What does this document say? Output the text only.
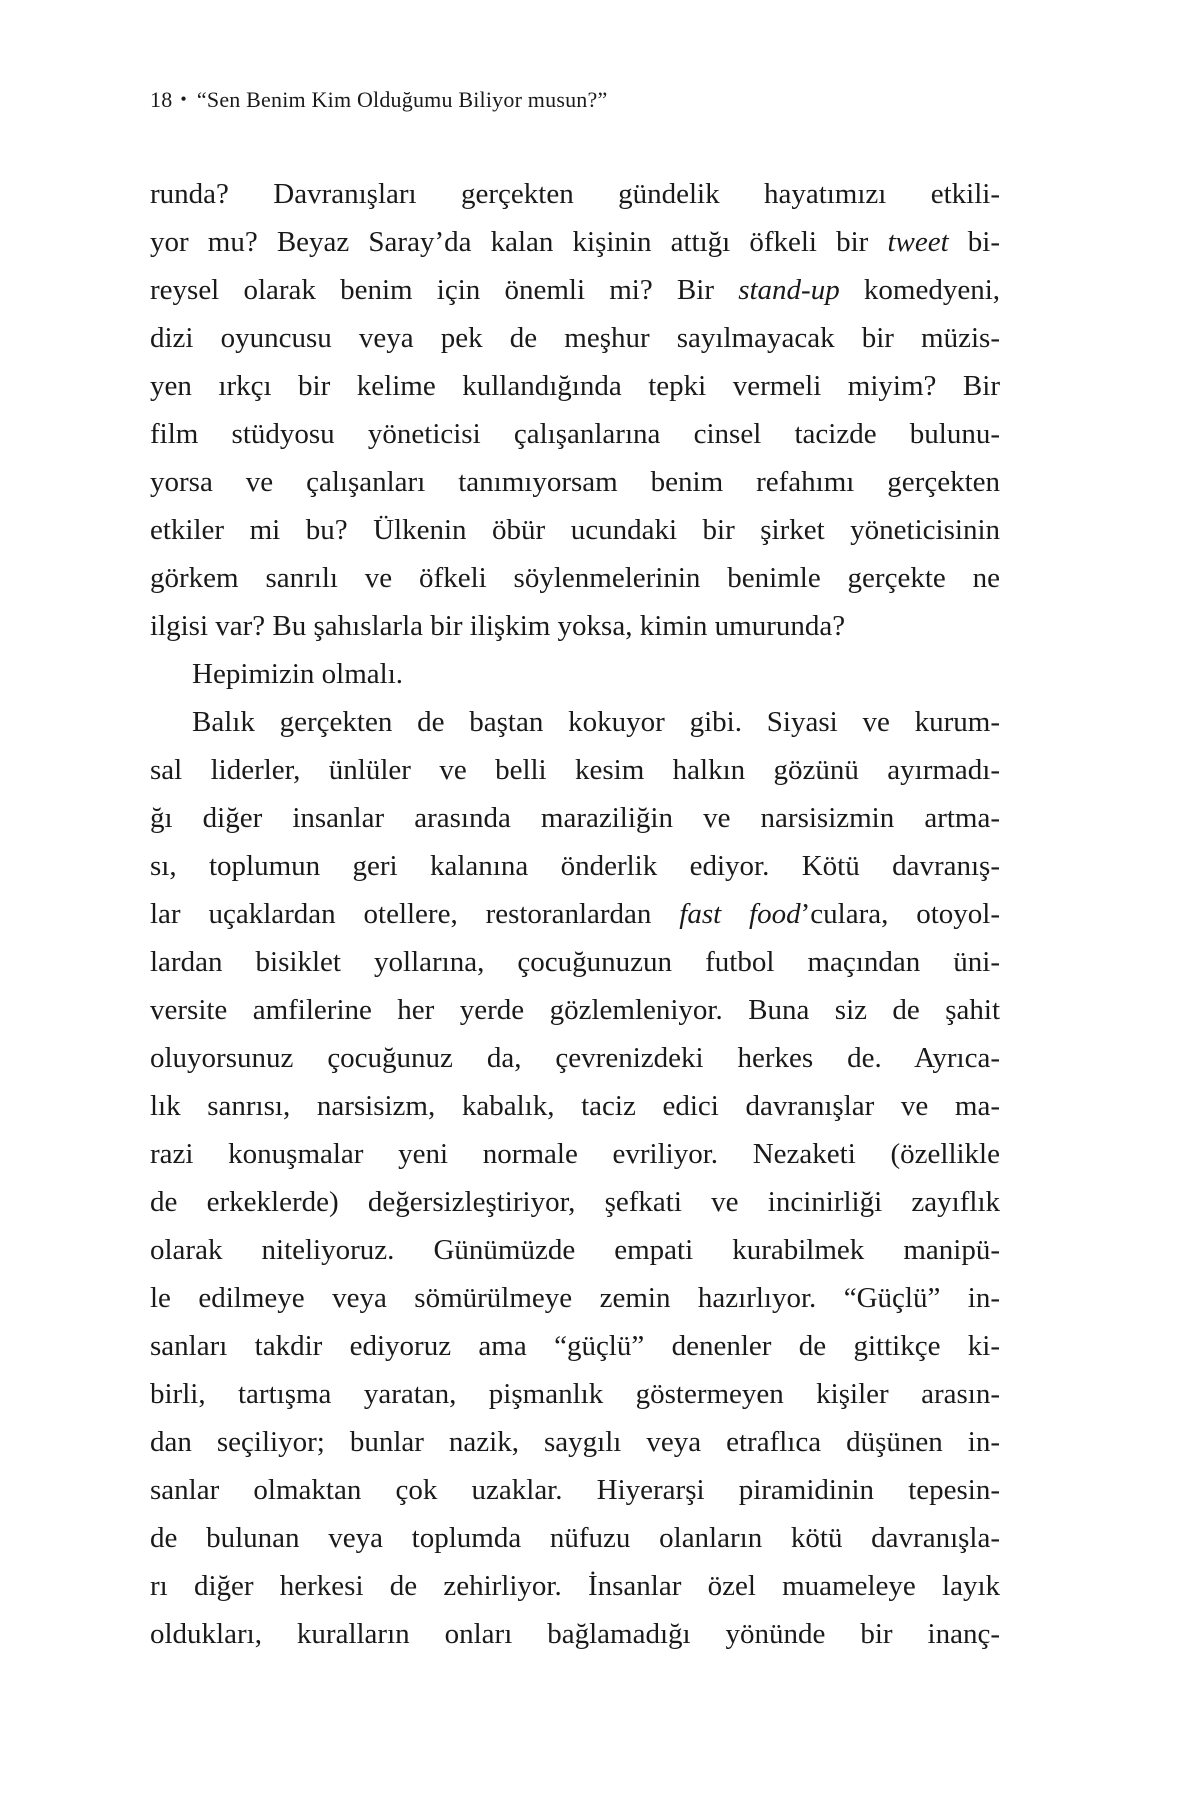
18 • “Sen Benim Kim Olduğumu Biliyor musun?”
runda? Davranışları gerçekten gündelik hayatımızı etkili-
yor mu? Beyaz Saray’da kalan kişinin attığı öfkeli bir tweet bi-
reysel olarak benim için önemli mi? Bir stand-up komedyeni,
dizi oyuncusu veya pek de meşhur sayılmayacak bir müzis-
yen ırkçı bir kelime kullandığında tepki vermeli miyim? Bir
film stüdyosu yöneticisi çalışanlarına cinsel tacizde bulunu-
yorsa ve çalışanları tanımıyorsam benim refahımı gerçekten
etkiler mi bu? Ülkenin öbür ucundaki bir şirket yöneticisinin
görkem sanrılı ve öfkeli söylenmelerinin benimle gerçekte ne
ilgisi var? Bu şahıslarla bir ilişkim yoksa, kimin umurunda?
Hepimizin olmalı.
Balık gerçekten de baştan kokuyor gibi. Siyasi ve kurum-
sal liderler, ünlüler ve belli kesim halkın gözünü ayırmadı-
ğı diğer insanlar arasında maraziliğin ve narsisizmin artma-
sı, toplumun geri kalanına önderlik ediyor. Kötü davranış-
lar uçaklardan otellere, restoranlardan fast food’culara, otoyol-
lardan bisiklet yollarına, çocuğunuzun futbol maçından üni-
versite amfilerine her yerde gözlemleniyor. Buna siz de şahit
oluyorsunuz çocuğunuz da, çevrenizdeki herkes de. Ayrıca-
lık sanrısı, narsisizm, kabalık, taciz edici davranışlar ve ma-
razi konuşmalar yeni normale evriliyor. Nezaketi (özellikle
de erkeklerde) değersizleştiriyor, şefkati ve incinirliği zayıflık
olarak niteliyoruz. Günümüzde empati kurabilmek manipü-
le edilmeye veya sömürülmeye zemin hazırlıyor. “Güçlü” in-
sanları takdir ediyoruz ama “güçlü” denenler de gittikçe ki-
birli, tartışma yaratan, pişmanlık göstermeyen kişiler arasın-
dan seçiliyor; bunlar nazik, saygılı veya etraflıca düşünen in-
sanlar olmaktan çok uzaklar. Hiyerarşi piramidinin tepesin-
de bulunan veya toplumda nüfuzu olanların kötü davranışla-
rı diğer herkesi de zehirliyor. İnsanlar özel muameleye layık
oldukları, kuralların onları bağlamadığı yönünde bir inanç-
